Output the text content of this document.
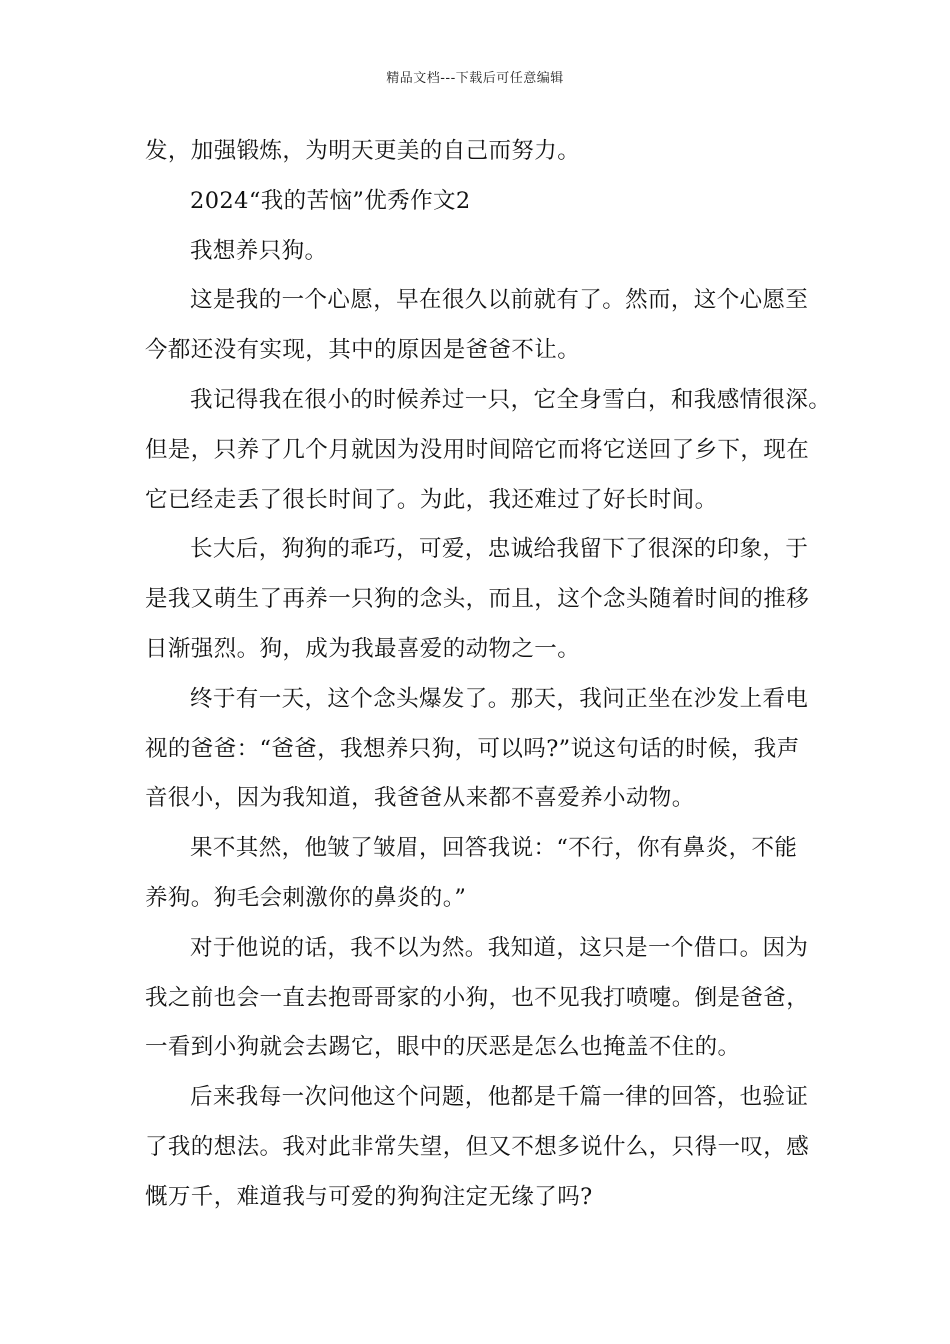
精品文档---下载后可任意编辑
发，加强锻炼，为明天更美的自己而努力。
2024“我的苦恼”优秀作文2
我想养只狗。
这是我的一个心愿，早在很久以前就有了。然而，这个心愿至
今都还没有实现，其中的原因是爸爸不让。
我记得我在很小的时候养过一只，它全身雪白，和我感情很深。
但是，只养了几个月就因为没用时间陪它而将它送回了乡下，现在
它已经走丢了很长时间了。为此，我还难过了好长时间。
长大后，狗狗的乖巧，可爱，忠诚给我留下了很深的印象，于
是我又萌生了再养一只狗的念头，而且，这个念头随着时间的推移
日渐强烈。狗，成为我最喜爱的动物之一。
终于有一天，这个念头爆发了。那天，我问正坐在沙发上看电
视的爸爸：“爸爸，我想养只狗，可以吗?”说这句话的时候，我声
音很小，因为我知道，我爸爸从来都不喜爱养小动物。
果不其然，他皱了皱眉，回答我说：“不行，你有鼻炎，不能
养狗。狗毛会刺激你的鼻炎的。”
对于他说的话，我不以为然。我知道，这只是一个借口。因为
我之前也会一直去抱哥哥家的小狗，也不见我打喷嚏。倒是爸爸，
一看到小狗就会去踢它，眼中的厌恶是怎么也掩盖不住的。
后来我每一次问他这个问题，他都是千篇一律的回答，也验证
了我的想法。我对此非常失望，但又不想多说什么，只得一叹，感
慨万千，难道我与可爱的狗狗注定无缘了吗?
